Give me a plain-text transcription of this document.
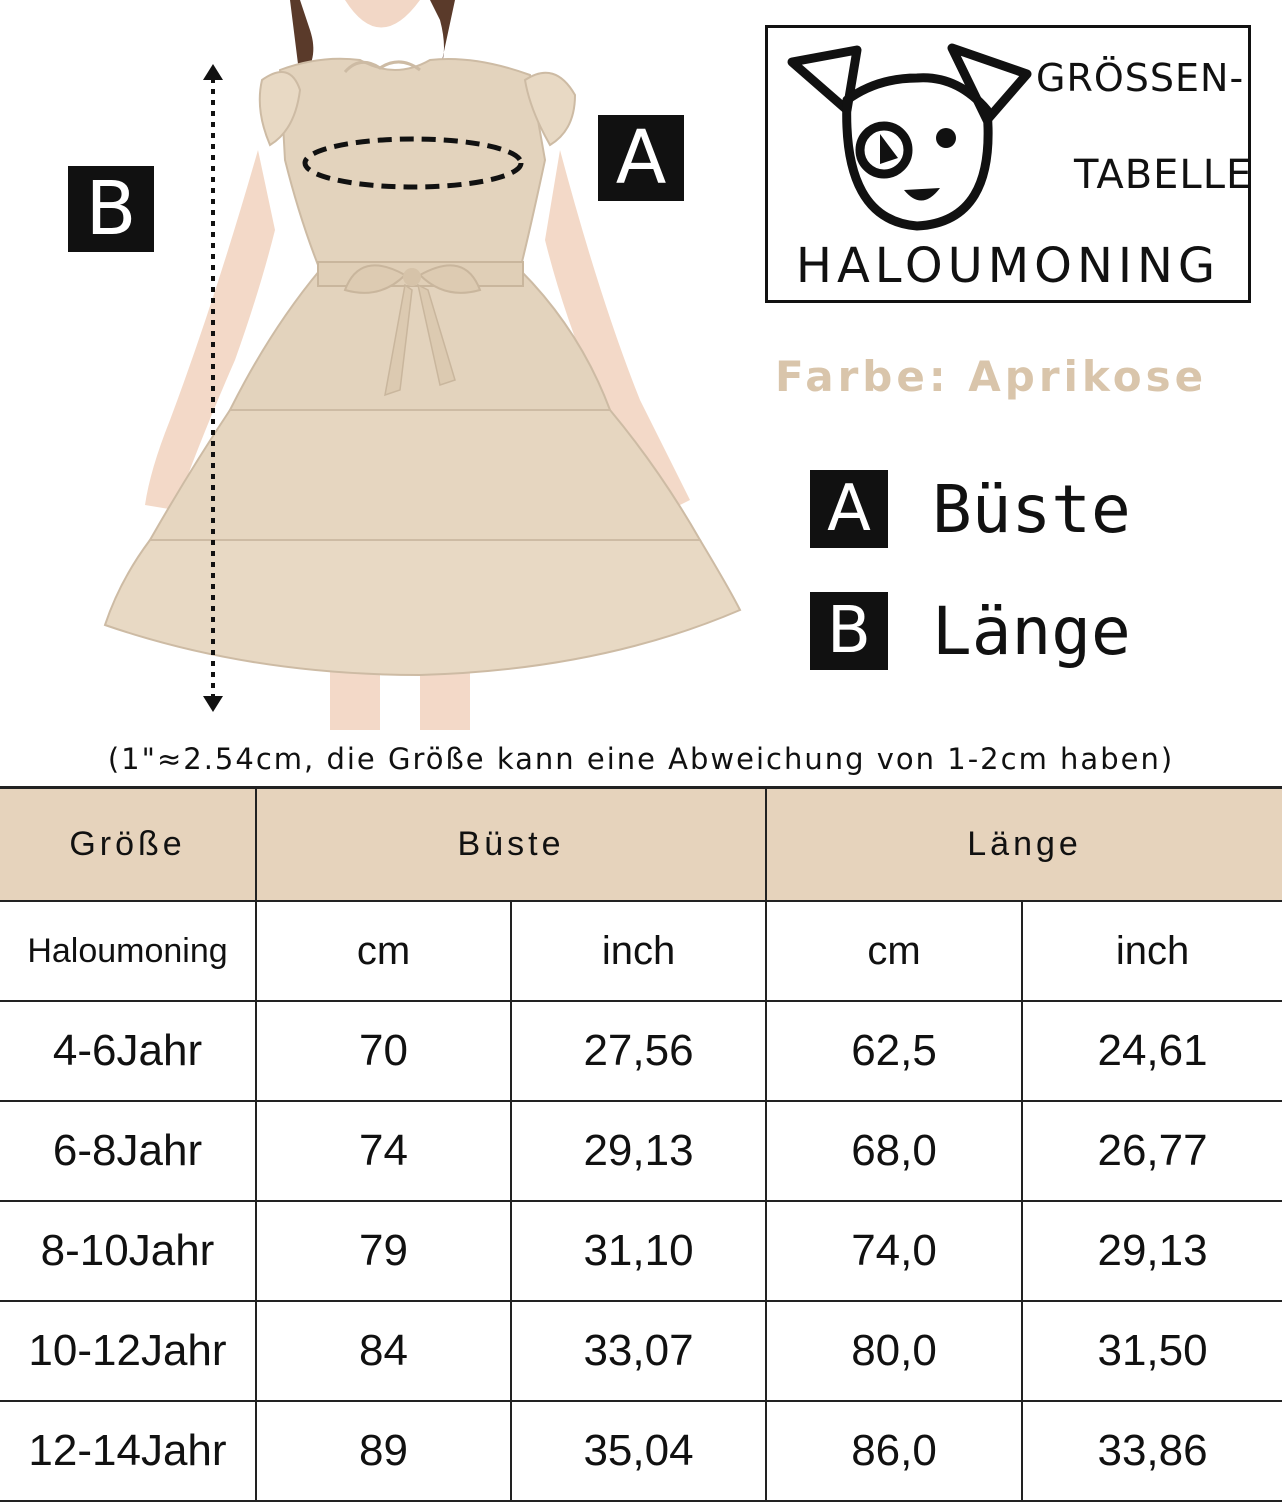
A
B
GRÖSSEN-
TABELLE
HALOUMONING
Farbe: Aprikose
A Büste
B Länge
(1"≈2.54cm, die Größe kann eine Abweichung von 1-2cm haben)
Größe	Büste		Länge	
Haloumoning	cm	inch	cm	inch
4-6Jahr	70	27,56	62,5	24,61
6-8Jahr	74	29,13	68,0	26,77
8-10Jahr	79	31,10	74,0	29,13
10-12Jahr	84	33,07	80,0	31,50
12-14Jahr	89	35,04	86,0	33,86
